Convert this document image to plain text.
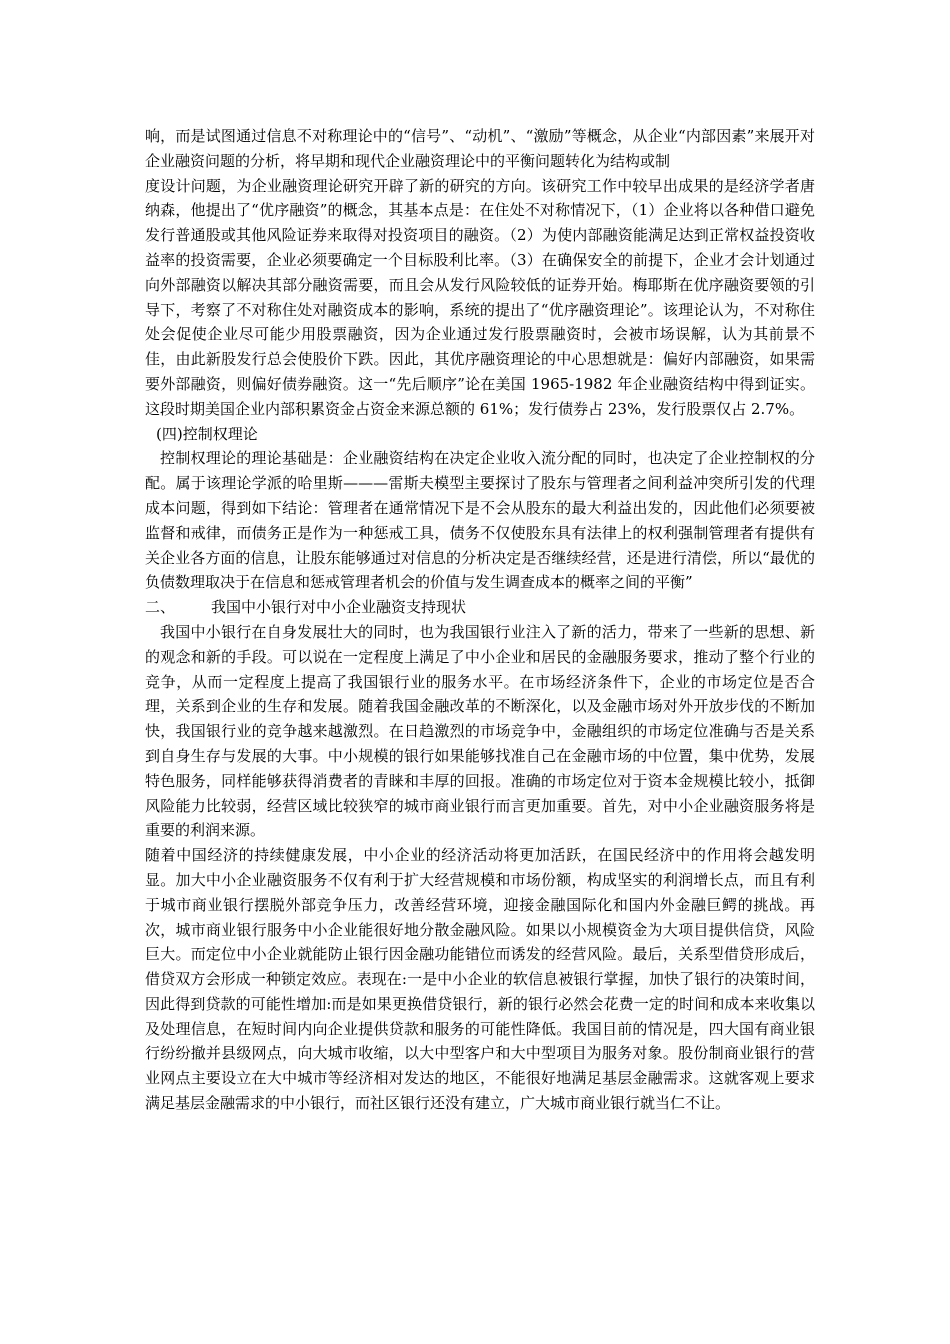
响，而是试图通过信息不对称理论中的“信号”、“动机”、“激励”等概念，从企业“内部因素”来展开对企业融资问题的分析，将早期和现代企业融资理论中的平衡问题转化为结构或制

度设计问题，为企业融资理论研究开辟了新的研究的方向。该研究工作中较早出成果的是经济学者唐纳森，他提出了“优序融资”的概念，其基本点是：在住处不对称情况下，（1）企业将以各种借口避免发行普通股或其他风险证券来取得对投资项目的融资。（2）为使内部融资能满足达到正常权益投资收益率的投资需要，企业必须要确定一个目标股利比率。（3）在确保安全的前提下，企业才会计划通过向外部融资以解决其部分融资需要，而且会从发行风险较低的证券开始。梅耶斯在优序融资要领的引导下，考察了不对称住处对融资成本的影响，系统的提出了“优序融资理论”。该理论认为，不对称住处会促使企业尽可能少用股票融资，因为企业通过发行股票融资时，会被市场误解，认为其前景不佳，由此新股发行总会使股价下跌。因此，其优序融资理论的中心思想就是：偏好内部融资，如果需要外部融资，则偏好债券融资。这一“先后顺序”论在美国 1965-1982 年企业融资结构中得到证实。这段时期美国企业内部积累资金占资金来源总额的 61%；发行债券占 23%，发行股票仅占 2.7%。

(四)控制权理论

控制权理论的理论基础是：企业融资结构在决定企业收入流分配的同时，也决定了企业控制权的分配。属于该理论学派的哈里斯———雷斯夫模型主要探讨了股东与管理者之间利益冲突所引发的代理成本问题，得到如下结论：管理者在通常情况下是不会从股东的最大利益出发的，因此他们必须要被监督和戒律，而债务正是作为一种惩戒工具，债务不仅使股东具有法律上的权利强制管理者有提供有关企业各方面的信息，让股东能够通过对信息的分析决定是否继续经营，还是进行清偿，所以“最优的负债数理取决于在信息和惩戒管理者机会的价值与发生调查成本的概率之间的平衡”

二、	我国中小银行对中小企业融资支持现状

我国中小银行在自身发展壮大的同时，也为我国银行业注入了新的活力，带来了一些新的思想、新的观念和新的手段。可以说在一定程度上满足了中小企业和居民的金融服务要求，推动了整个行业的竞争，从而一定程度上提高了我国银行业的服务水平。在市场经济条件下，企业的市场定位是否合理，关系到企业的生存和发展。随着我国金融改革的不断深化，以及金融市场对外开放步伐的不断加快，我国银行业的竞争越来越激烈。在日趋激烈的市场竞争中，金融组织的市场定位准确与否是关系到自身生存与发展的大事。中小规模的银行如果能够找准自己在金融市场的中位置，集中优势，发展特色服务，同样能够获得消费者的青睐和丰厚的回报。准确的市场定位对于资本金规模比较小，抵御风险能力比较弱，经营区域比较狭窄的城市商业银行而言更加重要。首先，对中小企业融资服务将是重要的利润来源。

随着中国经济的持续健康发展，中小企业的经济活动将更加活跃，在国民经济中的作用将会越发明显。加大中小企业融资服务不仅有利于扩大经营规模和市场份额，构成坚实的利润增长点，而且有利于城市商业银行摆脱外部竞争压力，改善经营环境，迎接金融国际化和国内外金融巨鳄的挑战。再次，城市商业银行服务中小企业能很好地分散金融风险。如果以小规模资金为大项目提供信贷，风险巨大。而定位中小企业就能防止银行因金融功能错位而诱发的经营风险。最后，关系型借贷形成后，借贷双方会形成一种锁定效应。表现在:一是中小企业的软信息被银行掌握，加快了银行的决策时间，因此得到贷款的可能性增加:而是如果更换借贷银行，新的银行必然会花费一定的时间和成本来收集以及处理信息，在短时间内向企业提供贷款和服务的可能性降低。我国目前的情况是，四大国有商业银行纷纷撤并县级网点，向大城市收缩，以大中型客户和大中型项目为服务对象。股份制商业银行的营业网点主要设立在大中城市等经济相对发达的地区，不能很好地满足基层金融需求。这就客观上要求满足基层金融需求的中小银行，而社区银行还没有建立，广大城市商业银行就当仁不让。
